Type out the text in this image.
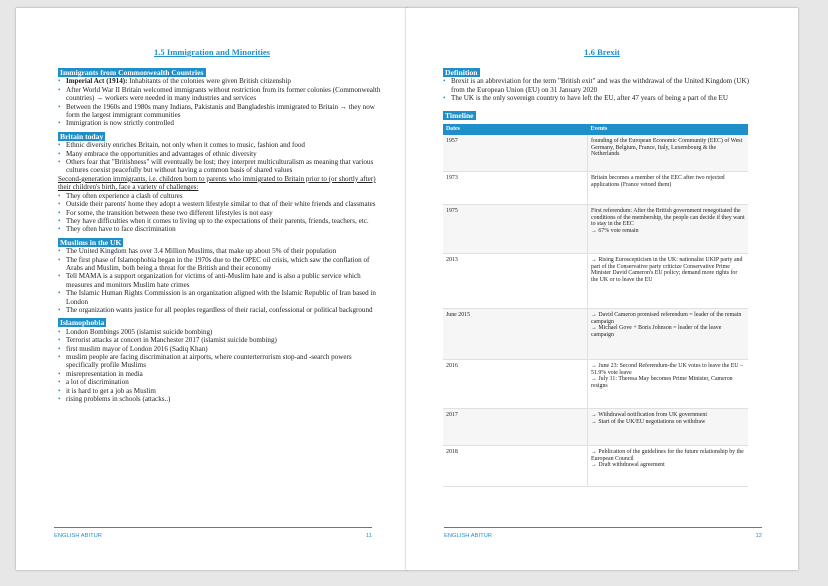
1.5 Immigration and Minorities
Immigrants from Commonwealth Countries
• Imperial Act (1914): Inhabitants of the colonies were given British citizenship
• After World War II Britain welcomed immigrants without restriction from its former colonies (Commonwealth countries) → workers were needed in many industries and services
• Between the 1960s and 1980s many Indians, Pakistanis and Bangladeshis immigrated to Britain → they now form the largest immigrant communities
• Immigration is now strictly controlled
Britain today
• Ethnic diversity enriches Britain, not only when it comes to music, fashion and food
• Many embrace the opportunities and advantages of ethnic diversity
• Others fear that "Britishness" will eventually be lost; they interpret multiculturalism as meaning that various cultures coexist peacefully but without having a common basis of shared values
Second-generation immigrants, i.e. children born to parents who immigrated to Britain prior to (or shortly after) their children's birth, face a variety of challenges:
• They often experience a clash of cultures
• Outside their parents' home they adopt a western lifestyle similar to that of their white friends and classmates
• For some, the transition between these two different lifestyles is not easy
• They have difficulties when it comes to living up to the expectations of their parents, friends, teachers, etc.
• They often have to face discrimination
Muslims in the UK
• The United Kingdom has over 3.4 Million Muslims, that make up about 5% of their population
• The first phase of Islamophobia began in the 1970s due to the OPEC oil crisis, which saw the conflation of Arabs and Muslim, both being a threat for the British and their economy
• Tell MAMA is a support organization for victims of anti-Muslim hate and is also a public service which measures and monitors Muslim hate crimes
• The Islamic Human Rights Commission is an organization aligned with the Islamic Republic of Iran based in London
• The organization wants justice for all peoples regardless of their racial, confessional or political background
Islamophobia
• London Bombings 2005 (islamist suicide bombing)
• Terrorist attacks at concert in Manchester 2017 (islamist suicide bombing)
• first muslim mayor of London 2016 (Sadiq Khan)
• muslim people are facing discrimination at airports, where counterterrorism stop-and -search powers specifically profile Muslims
• misrepresentation in media
• a lot of discrimination
• it is hard to get a job as Muslim
• rising problems in schools (attacks..)
ENGLISH ABITUR	11
1.6 Brexit
Definition
• Brexit is an abbreviation for the term "British exit" and was the withdrawal of the United Kingdom (UK) from the European Union (EU) on 31 January 2020
• The UK is the only sovereign country to have left the EU, after 47 years of being a part of the EU
Timeline
Dates	Events
1957	founding of the European Economic Community (EEC) of West Germany, Belgium, France, Italy, Luxembourg & the Netherlands
1973	Britain becomes a member of the EEC after two rejected applications (France vetoed them)
1975	First referendum: After the British government renegotiated the conditions of the membership, the people can decide if they want to stay in the EEC
→ 67% vote remain
2013	→ Rising Euroscepticism in the UK: nationalist UKIP party and part of the Conservative party criticize Conservative Prime Minister David Cameron's EU policy; demand more rights for the UK or to leave the EU
June 2015	→ David Cameron promised referendum = leader of the remain campaign
→ Michael Gove + Boris Johnson = leader of the leave campaign
2016	→ June 23: Second Referendum-the UK votes to leave the EU – 51.9% vote leave
→ July 11: Theresa May becomes Prime Minister, Cameron resigns
2017	→ Withdrawal notification from UK government
→ Start of the UK/EU negotiations on withdraw
2018	→ Publication of the guidelines for the future relationship by the European Council
→ Draft withdrawal agreement
ENGLISH ABITUR	12
